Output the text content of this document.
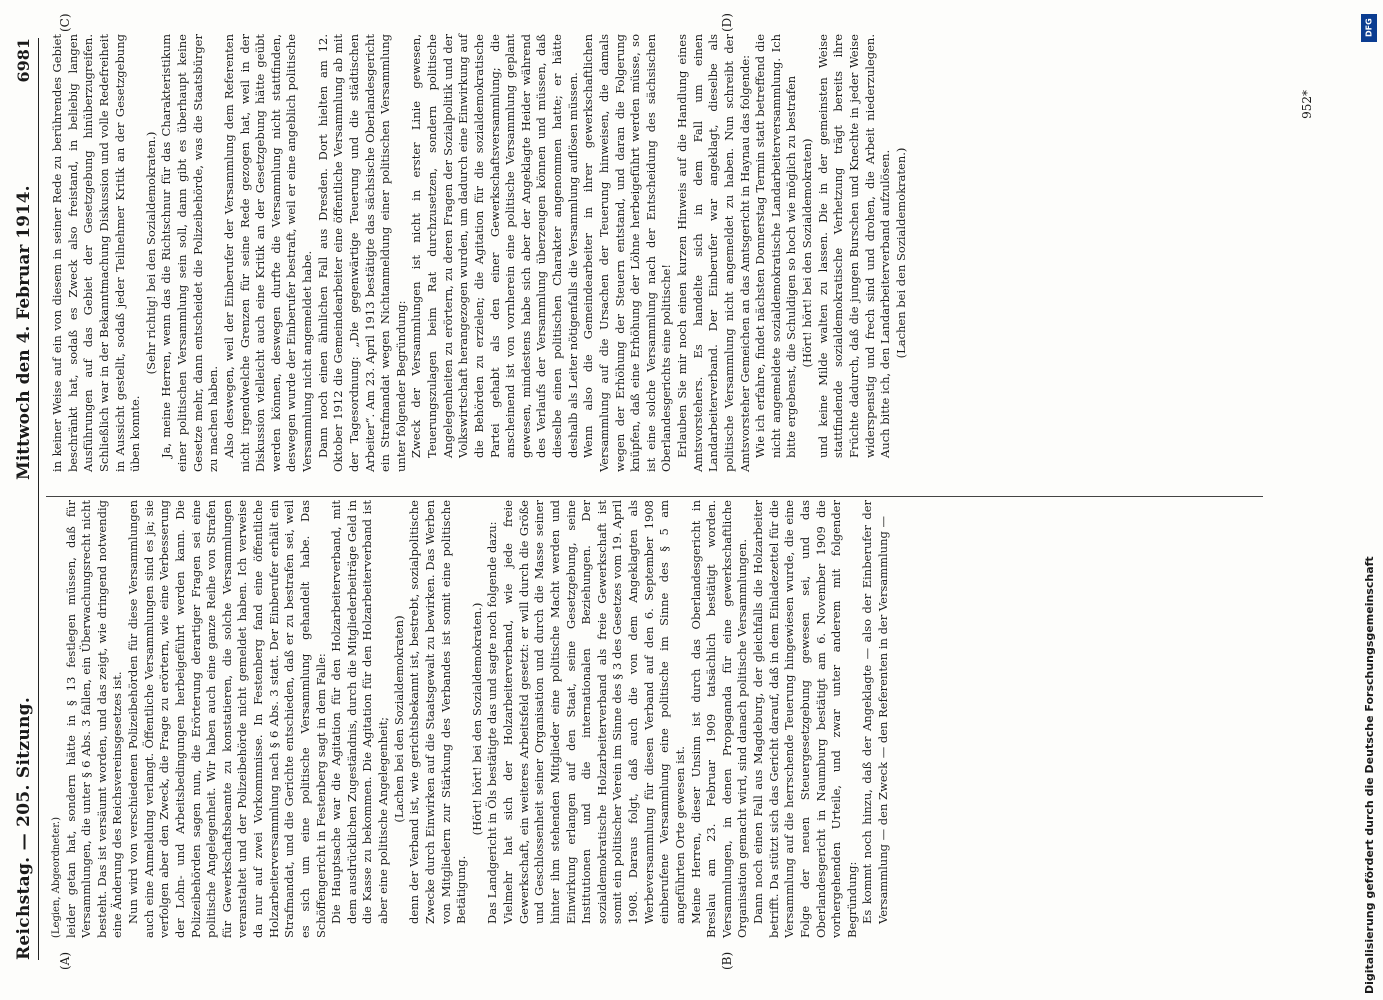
Reichstag. — 205. Sitzung.
Mittwoch den 4. Februar 1914.
6981
(A)	(B)
(C)	(D)

(Legien, Abgeordneter.) leider getan hat, sondern hätte in § 13 festlegen müssen, daß für Versammlungen, die unter § 6 Abs. 3 fallen, ein Überwachungsrecht nicht besteht. Das ist versäumt worden, und das zeigt, wie dringend notwendig eine Änderung des Reichsvereinsgesetzes ist. Nun wird von verschiedenen Polizeibehörden für diese Versammlungen auch eine Anmeldung verlangt. Öffentliche Versammlungen sind es ja; sie verfolgen aber den Zweck, die Frage zu erörtern, wie eine Verbesserung der Lohn- und Arbeitsbedingungen herbeigeführt werden kann. Die Polizeibehörden sagen nun, die Erörterung derartiger Fragen sei eine politische Angelegenheit. Wir haben auch eine ganze Reihe von Strafen für Gewerkschaftsbeamte zu konstatieren, die solche Versammlungen veranstaltet und der Polizeibehörde nicht gemeldet haben. Ich verweise da nur auf zwei Vorkommnisse. In Festenberg fand eine öffentliche Holzarbeiterversammlung nach § 6 Abs. 3 statt. Der Einberufer erhält ein Strafmandat, und die Gerichte entschieden, daß er zu bestrafen sei, weil es sich um eine politische Versammlung gehandelt habe. Das Schöffengericht in Festenberg sagt in dem Falle: Die Hauptsache war die Agitation für den Holzarbeiterverband, mit dem ausdrücklichen Zugeständnis, durch die Mitgliederbeiträge Geld in die Kasse zu bekommen. Die Agitation für den Holzarbeiterverband ist aber eine politische Angelegenheit; (Lachen bei den Sozialdemokraten) denn der Verband ist, wie gerichtsbekannt ist, bestrebt, sozialpolitische Zwecke durch Einwirken auf die Staatsgewalt zu bewirken. Das Werben von Mitgliedern zur Stärkung des Verbandes ist somit eine politische Betätigung.

(Hört! hört! bei den Sozialdemokraten.) Das Landgericht in Öls bestätigte das und sagte noch folgende dazu: Vielmehr hat sich der Holzarbeiterverband, wie jede freie Gewerkschaft, ein weiteres Arbeitsfeld gesetzt: er will durch die Größe und Geschlossenheit seiner Organisation und durch die Masse seiner hinter ihm stehenden Mitglieder eine politische Macht werden und Einwirkung erlangen auf den Staat, seine Gesetzgebung, seine Institutionen und die internationalen Beziehungen. Der sozialdemokratische Holzarbeiterverband als freie Gewerkschaft ist somit ein politischer Verein im Sinne des § 3 des Gesetzes vom 19. April 1908. Daraus folgt, daß auch die von dem Angeklagten als Werbeversammlung für diesen Verband auf den 6. September 1908 einberufene Versammlung eine politische im Sinne des § 5 am angeführten Orte gewesen ist. Meine Herren, dieser Unsinn ist durch das Oberlandesgericht in Breslau am 23. Februar 1909 tatsächlich bestätigt worden. Versammlungen, in denen Propaganda für eine gewerkschaftliche Organisation gemacht wird, sind danach politische Versammlungen. Dann noch einen Fall aus Magdeburg, der gleichfalls die Holzarbeiter betrifft. Da stützt sich das Gericht darauf, daß in dem Einladezettel für die Versammlung auf die herrschende Teuerung hingewiesen wurde, die eine Folge der neuen Steuergesetzgebung gewesen sei, und das Oberlandesgericht in Naumburg bestätigt am 6. November 1909 die vorhergehenden Urteile, und zwar unter anderem mit folgender Begründung: Es kommt noch hinzu, daß der Angeklagte — also der Einberufer der Versammlung — den Zweck — den Referenten in der Versammlung —

in keiner Weise auf ein von diesem in seiner Rede zu berührendes Gebiet beschränkt hat, sodaß es Zweck also freistand, in beliebig langen Ausführungen auf das Gebiet der Gesetzgebung hinüberzugreifen. Schließlich war in der Bekanntmachung Diskussion und volle Redefreiheit in Aussicht gestellt, sodaß jeder Teilnehmer Kritik an der Gesetzgebung üben konnte.

(Sehr richtig! bei den Sozialdemokraten.) Ja, meine Herren, wenn das die Richtschnur für das Charakteristikum einer politischen Versammlung sein soll, dann gibt es überhaupt keine Gesetze mehr, dann entscheidet die Polizeibehörde, was die Staatsbürger zu machen haben. Also deswegen, weil der Einberufer der Versammlung dem Referenten nicht irgendwelche Grenzen für seine Rede gezogen hat, weil in der Diskussion vielleicht auch eine Kritik an der Gesetzgebung hätte geübt werden können, deswegen durfte die Versammlung nicht stattfinden, deswegen wurde der Einberufer bestraft, weil er eine angeblich politische Versammlung nicht angemeldet habe. Dann noch einen ähnlichen Fall aus Dresden. Dort hielten am 12. Oktober 1912 die Gemeindearbeiter eine öffentliche Versammlung ab mit der Tagesordnung: „Die gegenwärtige Teuerung und die städtischen Arbeiter“. Am 23. April 1913 bestätigte das sächsische Oberlandesgericht ein Strafmandat wegen Nichtanmeldung einer politischen Versammlung unter folgender Begründung: Zweck der Versammlungen ist nicht in erster Linie gewesen, Teuerungszulagen beim Rat durchzusetzen, sondern politische Angelegenheiten zu erörtern, zu deren Fragen der Sozialpolitik und der Volkswirtschaft herangezogen wurden, um dadurch eine Einwirkung auf die Behörden zu erzielen; die Agitation für die sozialdemokratische Partei gehabt als den einer Gewerkschaftsversammlung; die anscheinend ist von vornherein eine politische Versammlung geplant gewesen, mindestens habe sich aber der Angeklagte Heider während des Verlaufs der Versammlung überzeugen können und müssen, daß dieselbe einen politischen Charakter angenommen hatte; er hätte deshalb als Leiter nötigenfalls die Versammlung auflösen müssen. Wenn also die Gemeindearbeiter in ihrer gewerkschaftlichen Versammlung auf die Ursachen der Teuerung hinweisen, die damals wegen der Erhöhung der Steuern entstand, und daran die Folgerung knüpfen, daß eine Erhöhung der Löhne herbeigeführt werden müsse, so ist eine solche Versammlung nach der Entscheidung des sächsischen Oberlandesgerichts eine politische! Erlauben Sie mir noch einen kurzen Hinweis auf die Handlung eines Amtsvorstehers. Es handelte sich in dem Fall um einen Landarbeiterverband. Der Einberufer war angeklagt, dieselbe als politische Versammlung nicht angemeldet zu haben. Nun schreibt der Amtsvorsteher Gemeichen an das Amtsgericht in Haynau das folgende: Wie ich erfahre, findet nächsten Donnerstag Termin statt betreffend die nicht angemeldete sozialdemokratische Landarbeiterversammlung. Ich bitte ergebenst, die Schuldigen so hoch wie möglich zu bestrafen (Hört! hört! bei den Sozialdemokraten) und keine Milde walten zu lassen. Die in der gemeinsten Weise stattfindende sozialdemokratische Verhetzung trägt bereits ihre Früchte dadurch, daß die jungen Burschen und Knechte in jeder Weise widerspenstig und frech sind und drohen, die Arbeit niederzulegen. Auch bitte ich, den Landarbeiterverband aufzulösen. (Lachen bei den Sozialdemokraten.)

952*
DFG
Digitalisierung gefördert durch die Deutsche Forschungsgemeinschaft
